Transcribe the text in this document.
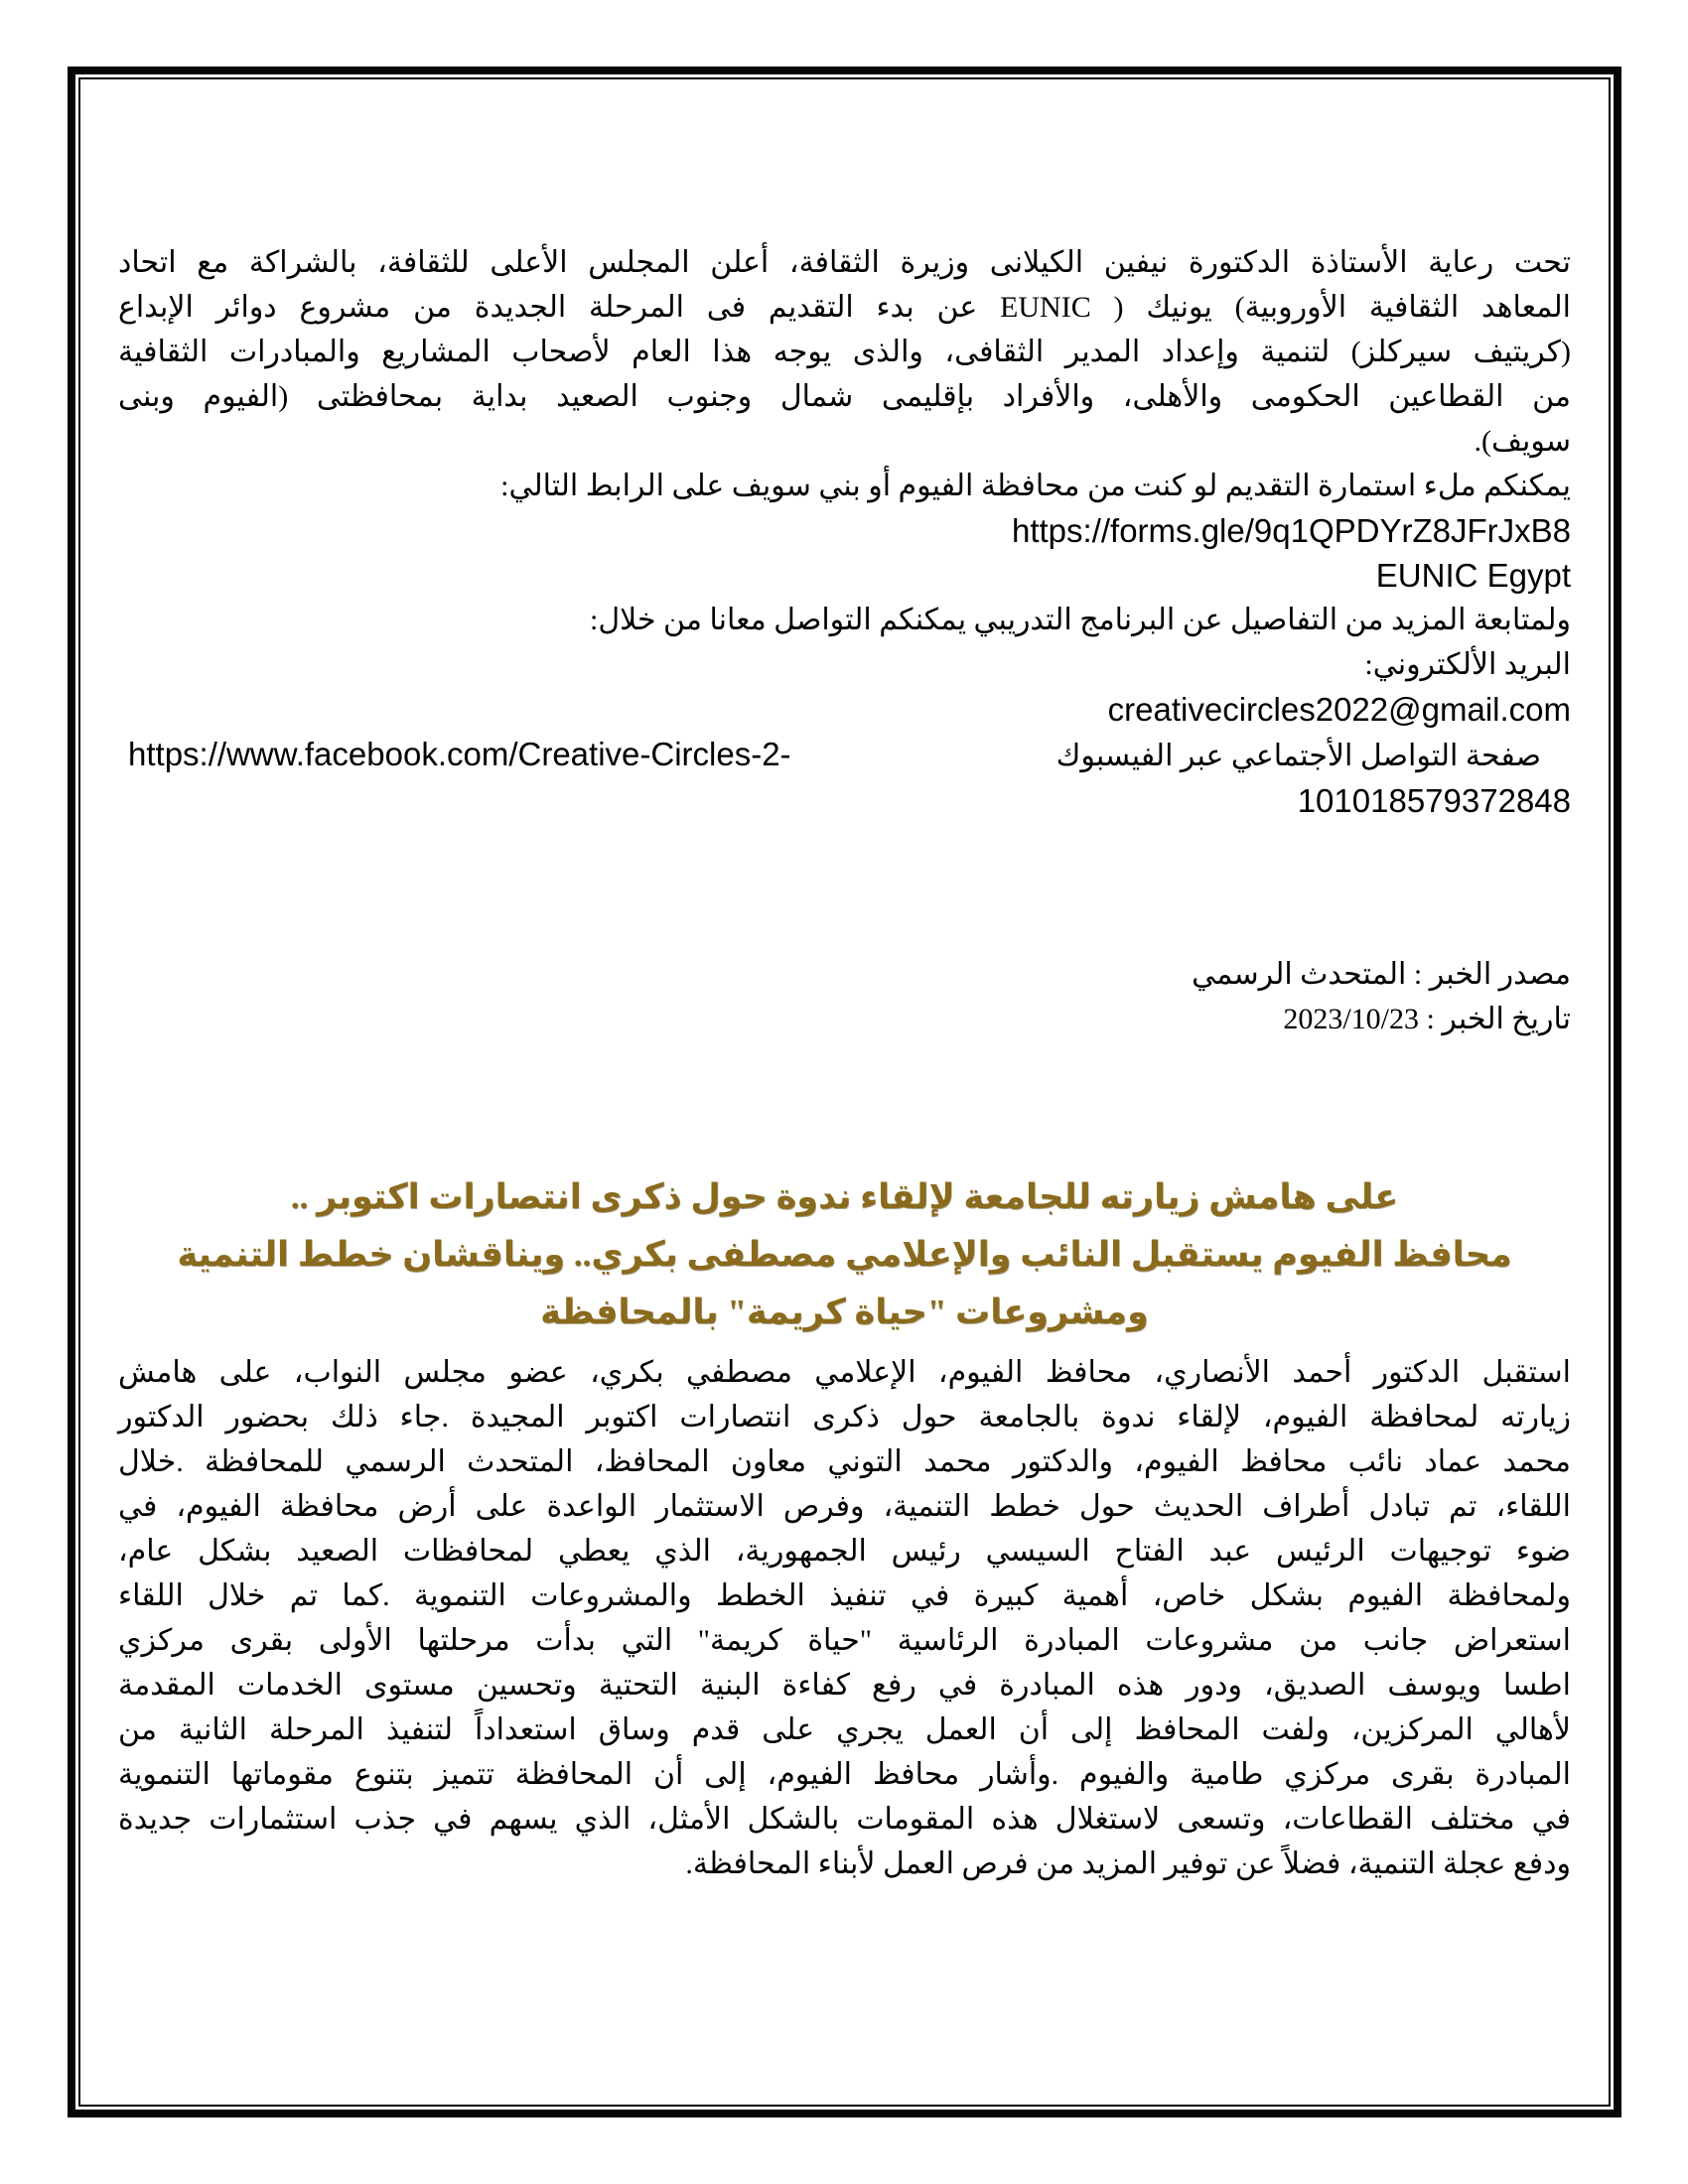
تحت رعاية الأستاذة الدكتورة نيفين الكيلانى وزيرة الثقافة، أعلن المجلس الأعلى للثقافة، بالشراكة مع اتحاد
المعاهد الثقافية الأوروبية) يونيك ( EUNIC عن بدء التقديم فى المرحلة الجديدة من مشروع دوائر الإبداع
(كريتيف سيركلز) لتنمية وإعداد المدير الثقافى، والذى يوجه هذا العام لأصحاب المشاريع والمبادرات الثقافية
من القطاعين الحكومى والأهلى، والأفراد بإقليمى شمال وجنوب الصعيد بداية بمحافظتى (الفيوم وبنى
سويف).
يمكنكم ملء استمارة التقديم لو كنت من محافظة الفيوم أو بني سويف على الرابط التالي:
https://forms.gle/9q1QPDYrZ8JFrJxB8
EUNIC Egypt
ولمتابعة المزيد من التفاصيل عن البرنامج التدريبي يمكنكم التواصل معانا من خلال:
البريد الألكتروني:
creativecircles2022@gmail.com
https://www.facebook.com/Creative-Circles-2-	صفحة التواصل الأجتماعي عبر الفيسبوك
101018579372848
مصدر الخبر : المتحدث الرسمي
تاريخ الخبر : 2023/10/23
على هامش زيارته للجامعة لإلقاء ندوة حول ذكرى انتصارات اكتوبر ..
محافظ الفيوم يستقبل النائب والإعلامي مصطفى بكري.. ويناقشان خطط التنمية
ومشروعات "حياة كريمة" بالمحافظة
استقبل الدكتور أحمد الأنصاري، محافظ الفيوم، الإعلامي مصطفي بكري، عضو مجلس النواب، على هامش
زيارته لمحافظة الفيوم، لإلقاء ندوة بالجامعة حول ذكرى انتصارات اكتوبر المجيدة .جاء ذلك بحضور الدكتور
محمد عماد نائب محافظ الفيوم، والدكتور محمد التوني معاون المحافظ، المتحدث الرسمي للمحافظة .خلال
اللقاء، تم تبادل أطراف الحديث حول خطط التنمية، وفرص الاستثمار الواعدة على أرض محافظة الفيوم، في
ضوء توجيهات الرئيس عبد الفتاح السيسي رئيس الجمهورية، الذي يعطي لمحافظات الصعيد بشكل عام،
ولمحافظة الفيوم بشكل خاص، أهمية كبيرة في تنفيذ الخطط والمشروعات التنموية .كما تم خلال اللقاء
استعراض جانب من مشروعات المبادرة الرئاسية "حياة كريمة" التي بدأت مرحلتها الأولى بقرى مركزي
اطسا ويوسف الصديق، ودور هذه المبادرة في رفع كفاءة البنية التحتية وتحسين مستوى الخدمات المقدمة
لأهالي المركزين، ولفت المحافظ إلى أن العمل يجري على قدم وساق استعداداً لتنفيذ المرحلة الثانية من
المبادرة بقرى مركزي طامية والفيوم .وأشار محافظ الفيوم، إلى أن المحافظة تتميز بتنوع مقوماتها التنموية
في مختلف القطاعات، وتسعى لاستغلال هذه المقومات بالشكل الأمثل، الذي يسهم في جذب استثمارات جديدة
ودفع عجلة التنمية، فضلاً عن توفير المزيد من فرص العمل لأبناء المحافظة.
